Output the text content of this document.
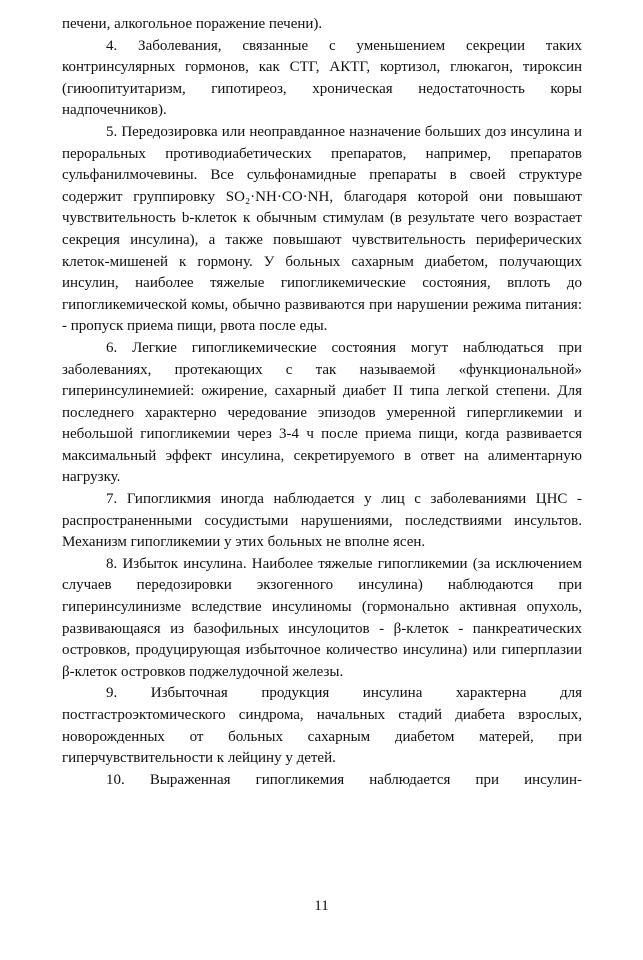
печени, алкогольное поражение печени).

4. Заболевания, связанные с уменьшением секреции таких контринсулярных гормонов, как СТГ, АКТГ, кортизол, глюкагон, тироксин (гиюопитуитаризм, гипотиреоз, хроническая недостаточность коры надпочечников).

5. Передозировка или неоправданное назначение больших доз инсулина и пероральных противодиабетических препаратов, например, препаратов сульфанилмочевины. Все сульфонамидные препараты в своей структуре содержит группировку SO₂·NH·CO·NH, благодаря которой они повышают чувствительность b-клеток к обычным стимулам (в результате чего возрастает секреция инсулина), а также повышают чувствительность периферических клеток-мишеней к гормону. У больных сахарным диабетом, получающих инсулин, наиболее тяжелые гипогликемические состояния, вплоть до гипогликемической комы, обычно развиваются при нарушении режима питания: - пропуск приема пищи, рвота после еды.

6. Легкие гипогликемические состояния могут наблюдаться при заболеваниях, протекающих с так называемой «функциональной» гиперинсулинемией: ожирение, сахарный диабет II типа легкой степени. Для последнего характерно чередование эпизодов умеренной гипергликемии и небольшой гипогликемии через 3-4 ч после приема пищи, когда развивается максимальный эффект инсулина, секретируемого в ответ на алиментарную нагрузку.

7. Гипогликмия иногда наблюдается у лиц с заболеваниями ЦНС - распространенными сосудистыми нарушениями, последствиями инсультов. Механизм гипогликемии у этих больных не вполне ясен.

8. Избыток инсулина. Наиболее тяжелые гипогликемии (за исключением случаев передозировки экзогенного инсулина) наблюдаются при гиперинсулинизме вследствие инсулиномы (гормонально активная опухоль, развивающаяся из базофильных инсулоцитов - β-клеток - панкреатических островков, продуцирующая избыточное количество инсулина) или гиперплазии β-клеток островков поджелудочной железы.

9. Избыточная продукция инсулина характерна для постгастроэктомического синдрома, начальных стадий диабета взрослых, новорожденных от больных сахарным диабетом матерей, при гиперчувствительности к лейцину у детей.

10. Выраженная гипогликемия наблюдается при инсулин-

11
